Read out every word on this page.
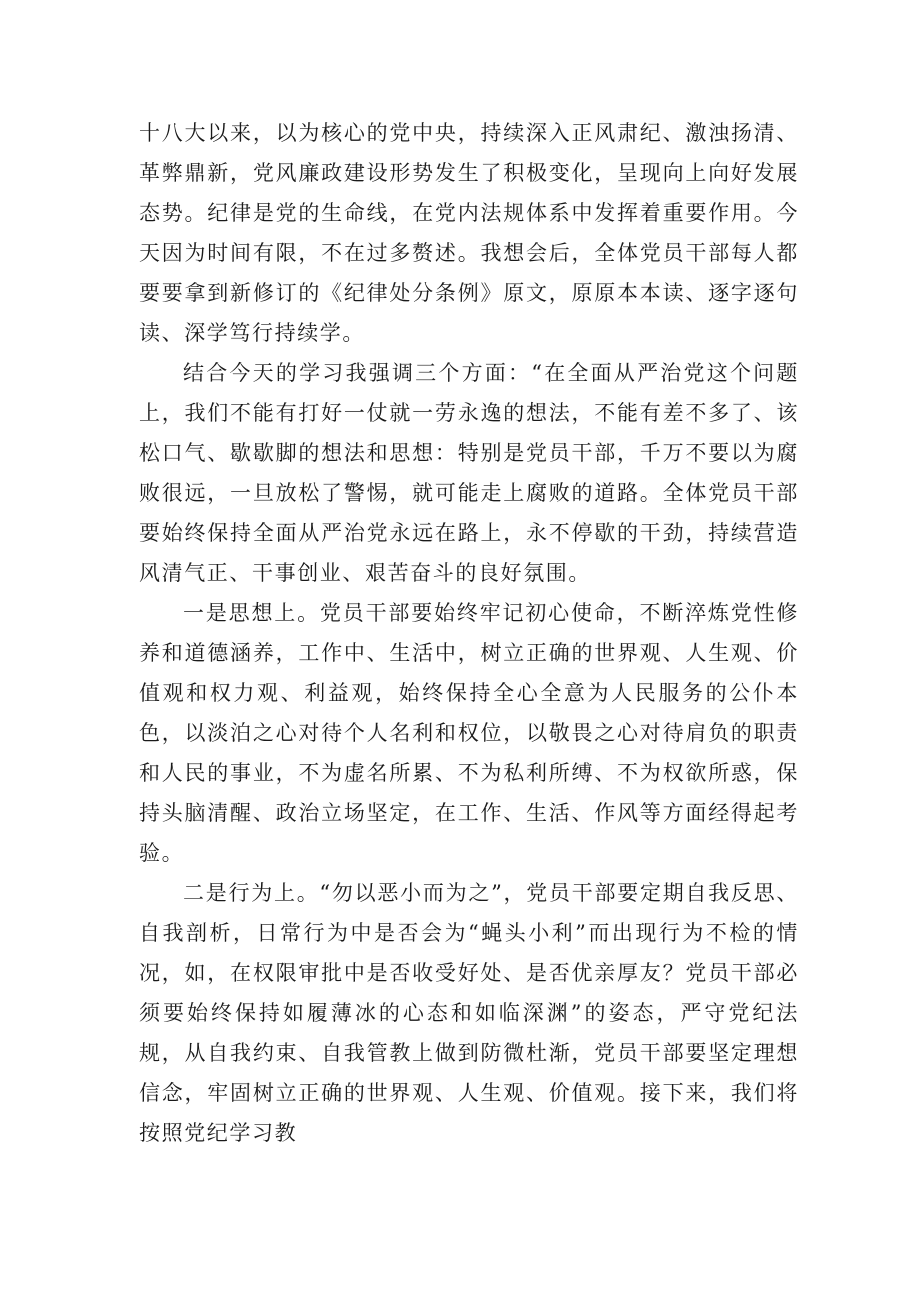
十八大以来，以为核心的党中央，持续深入正风肃纪、激浊扬清、革弊鼎新，党风廉政建设形势发生了积极变化，呈现向上向好发展态势。纪律是党的生命线，在党内法规体系中发挥着重要作用。今天因为时间有限，不在过多赘述。我想会后，全体党员干部每人都要要拿到新修订的《纪律处分条例》原文，原原本本读、逐字逐句读、深学笃行持续学。

结合今天的学习我强调三个方面：“在全面从严治党这个问题上，我们不能有打好一仗就一劳永逸的想法，不能有差不多了、该松口气、歇歇脚的想法和思想：特别是党员干部，千万不要以为腐败很远，一旦放松了警惕，就可能走上腐败的道路。全体党员干部要始终保持全面从严治党永远在路上，永不停歇的干劲，持续营造风清气正、干事创业、艰苦奋斗的良好氛围。

一是思想上。党员干部要始终牢记初心使命，不断淬炼党性修养和道德涵养，工作中、生活中，树立正确的世界观、人生观、价值观和权力观、利益观，始终保持全心全意为人民服务的公仆本色，以淡泊之心对待个人名利和权位，以敬畏之心对待肩负的职责和人民的事业，不为虚名所累、不为私利所缚、不为权欲所惑，保持头脑清醒、政治立场坚定，在工作、生活、作风等方面经得起考验。

二是行为上。“勿以恶小而为之”，党员干部要定期自我反思、自我剖析，日常行为中是否会为“蝇头小利”而出现行为不检的情况，如，在权限审批中是否收受好处、是否优亲厚友？党员干部必须要始终保持如履薄冰的心态和如临深渊”的姿态，严守党纪法规，从自我约束、自我管教上做到防微杜渐，党员干部要坚定理想信念，牢固树立正确的世界观、人生观、价值观。接下来，我们将按照党纪学习教
